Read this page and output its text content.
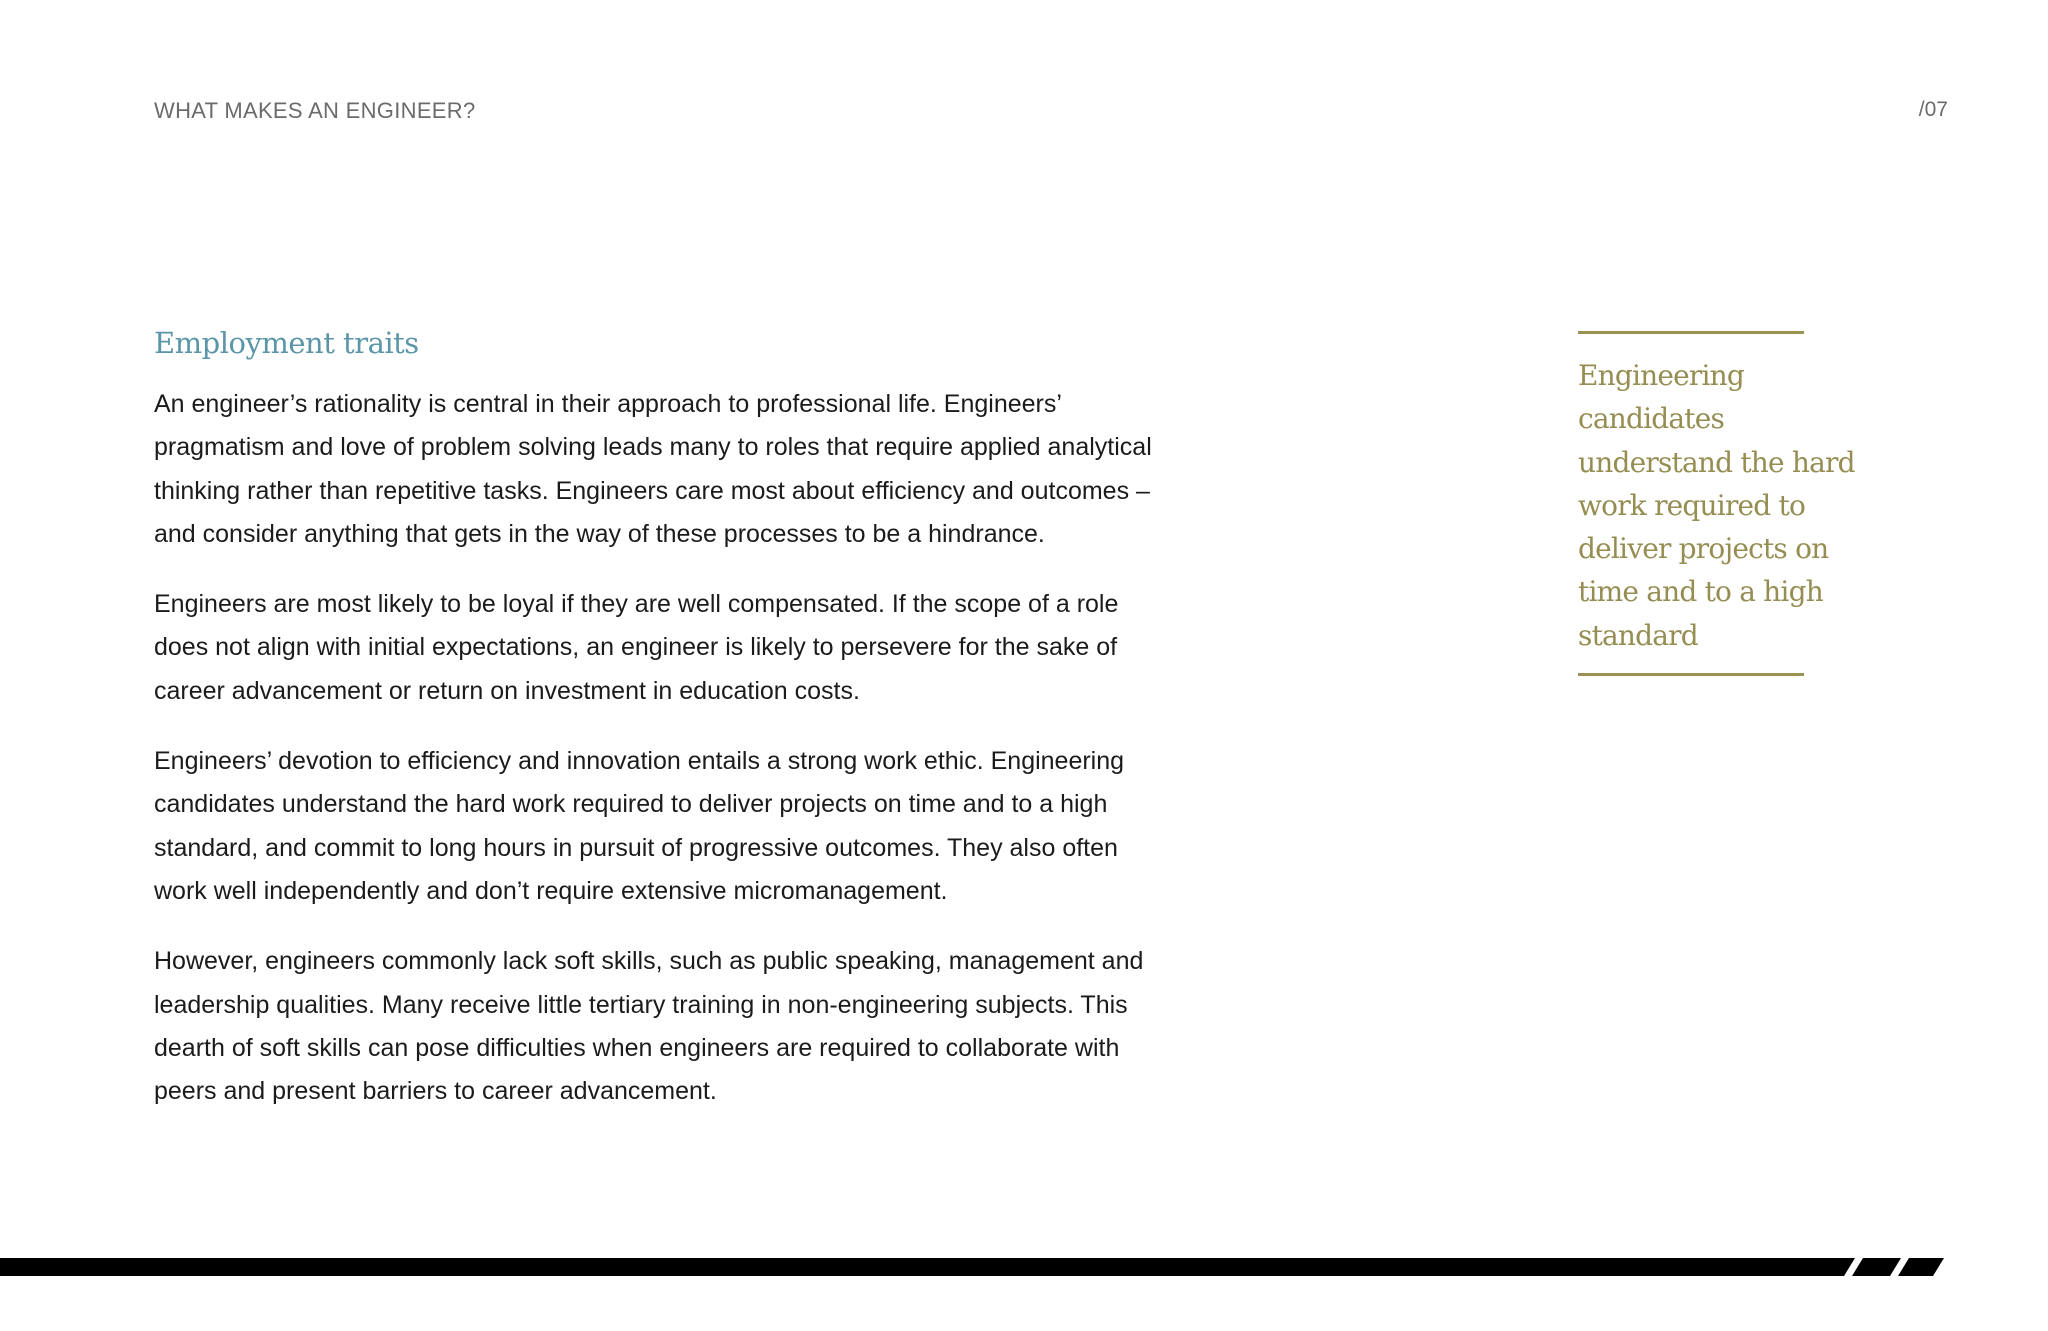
WHAT MAKES AN ENGINEER?	/07
Employment traits

An engineer’s rationality is central in their approach to professional life. Engineers’ pragmatism and love of problem solving leads many to roles that require applied analytical thinking rather than repetitive tasks. Engineers care most about efficiency and outcomes – and consider anything that gets in the way of these processes to be a hindrance.

Engineers are most likely to be loyal if they are well compensated. If the scope of a role does not align with initial expectations, an engineer is likely to persevere for the sake of career advancement or return on investment in education costs.

Engineers’ devotion to efficiency and innovation entails a strong work ethic. Engineering candidates understand the hard work required to deliver projects on time and to a high standard, and commit to long hours in pursuit of progressive outcomes. They also often work well independently and don’t require extensive micromanagement.

However, engineers commonly lack soft skills, such as public speaking, management and leadership qualities. Many receive little tertiary training in non-engineering subjects. This dearth of soft skills can pose difficulties when engineers are required to collaborate with peers and present barriers to career advancement.

Engineering candidates understand the hard work required to deliver projects on time and to a high standard
